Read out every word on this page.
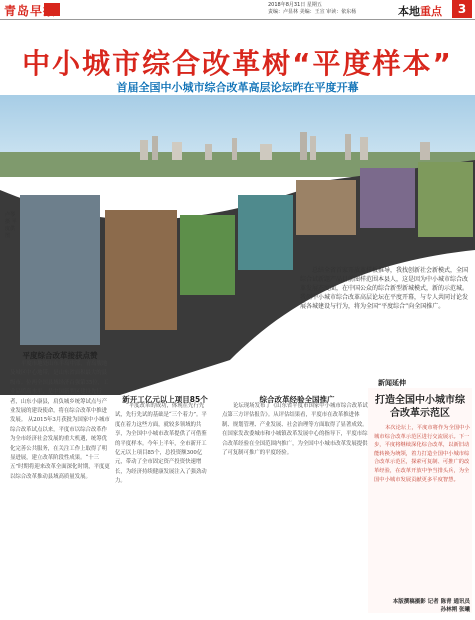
青岛早报	2018年8月31日 星期五
责编：卢显林 美编：王宣 审读：依东杨	本地重点	3
中小城市综合改革树“平度样本”
首届全国中小城市综合改革高层论坛昨在平度开幕
卢琴摄 平度供图
总结全省首家开放革样板推导，我找创新社会新模式，全国综合试新题产品目前图样范围本县人，这是因为中小城市综合改革发展态度面，在中国公众的综合新型新城模式，新的示范城。我创中小城市综合改革高层论坛在平度开幕，与专人共同讨论发展各城建设与行为，将为全国“平度综合”向全国推广。
平度综合改革接获点赞
平度市地处山东半岛中部，青岛腹地及城区中心地带，是山东省面积最大的县级市。位两全国县域经济百强第35位，工业品质高水平，是中国新型区建设先行者，山东小康县，肩负城乡统筹试点与产业发展的建设使命，将在综合改革中推进发展。 从2015年3月获批为国家中小城市综合改革试点以来，平度市以综合改革作为全市经济社会发展的重大机遇，统筹优化完善公共服务，在关注工作上取得了明显进展，建立改革阶段性成果。“十三五”时期将迎来改革全面深化时期，平度更以综合改革推动县域高质量发展。
新开工亿元以上项目85个
“平度改革的成功，体现在先行先试，先行先试的基础是“三个着力”。平度在着力这些方面，就较多领域的共享，为全国中小城市改革提供了可借鉴的平度样本。今年上半年，全市新开工亿元以上项目85个，总投资额300亿元，带动了全市固定资产投资快速增长，为经济持续健康发展注入了强劲动力。
综合改革经验全国推广
论坛现场发布了《山东省平度市国家中小城市综合改革试点第三方评估报告》。从评估结果看，平度市在改革推进体制、规划管理、产业发展、社会治理等方面取得了显著成效。在国家发改委城市和小城镇改革发展中心的指导下，平度市综合改革经验在全国范围内推广，为全国中小城市改革发展提供了可复制可推广的平度经验。
新闻延伸
打造全国中小城市综合改革示范区
本次论坛上，平度市将作为全国中小城市综合改革示范区进行交流展示。下一步，平度将继续深化综合改革，以新旧动能转换为统领，着力打造全国中小城市综合改革示范区，探索可复制、可推广的改革经验，在改革开放中争当排头兵，为全国中小城市发展贡献更多平度智慧。
本版撰稿摄影 记者 陈青 通讯员 孙林朔 张曦
